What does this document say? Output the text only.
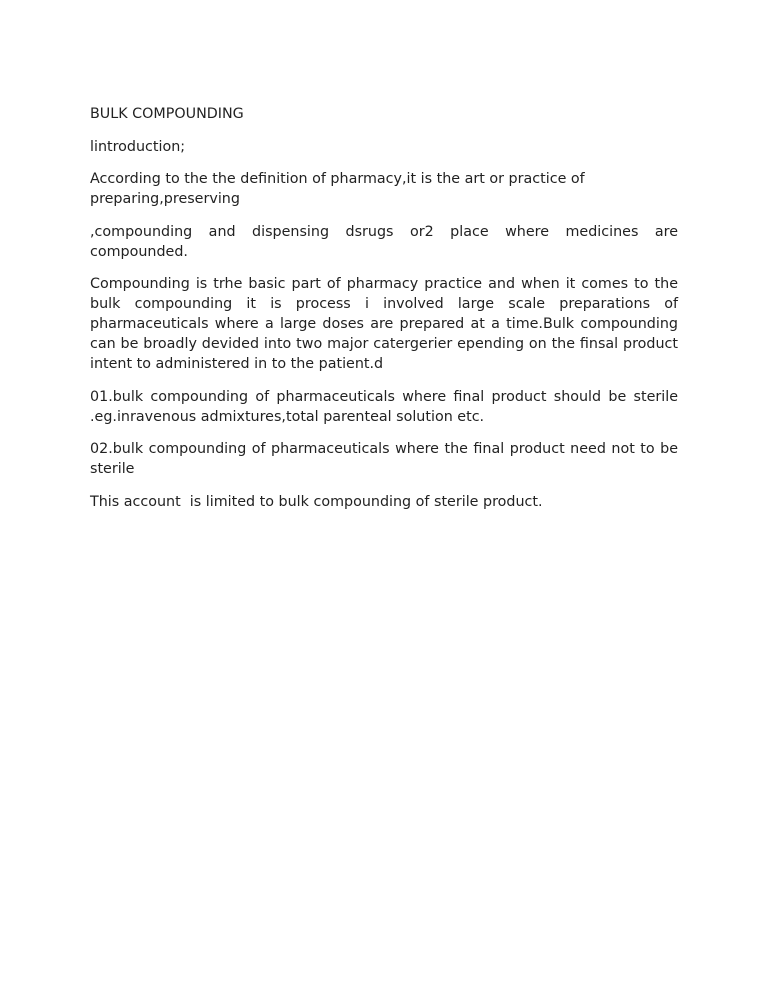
BULK COMPOUNDING

lintroduction;

According to the the definition of pharmacy,it is the art or practice of preparing,preserving

,compounding and dispensing dsrugs or2 place where medicines are compounded.

Compounding is trhe basic part of pharmacy practice and when it comes to the bulk compounding it is process i involved large scale preparations of pharmaceuticals where a large doses are prepared at a time.Bulk compounding can be broadly devided into two major catergerier epending on the finsal product intent to administered in to the patient.d

01.bulk compounding of pharmaceuticals where final product should be sterile .eg.inravenous admixtures,total parenteal solution etc.

02.bulk compounding of pharmaceuticals where the final product need not to be sterile

This account  is limited to bulk compounding of sterile product.
